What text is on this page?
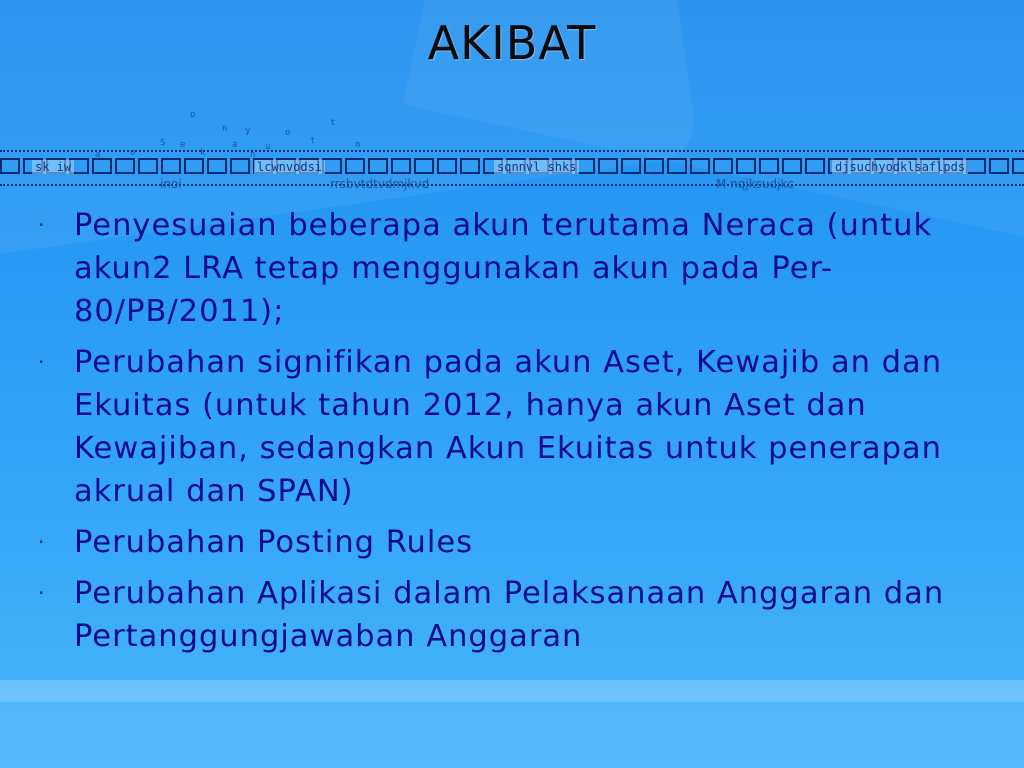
AKIBAT
o
n y	o
t
t
S e
o
a	u	n
k
a	n
sk iw	lcwnvodsi	sqnnvl shks	djsuchyodklsaflpds
inoi	rrsbvtdtvdmjkvd	M nqjksudjkc
· Penyesuaian beberapa akun terutama Neraca (untuk akun2 LRA tetap menggunakan akun pada Per-80/PB/2011);
· Perubahan signifikan pada akun Aset, Kewajib an dan Ekuitas (untuk tahun 2012, hanya akun Aset dan Kewajiban, sedangkan Akun Ekuitas untuk penerapan akrual dan SPAN)
· Perubahan Posting Rules
· Perubahan Aplikasi dalam Pelaksanaan Anggaran dan Pertanggungjawaban Anggaran
